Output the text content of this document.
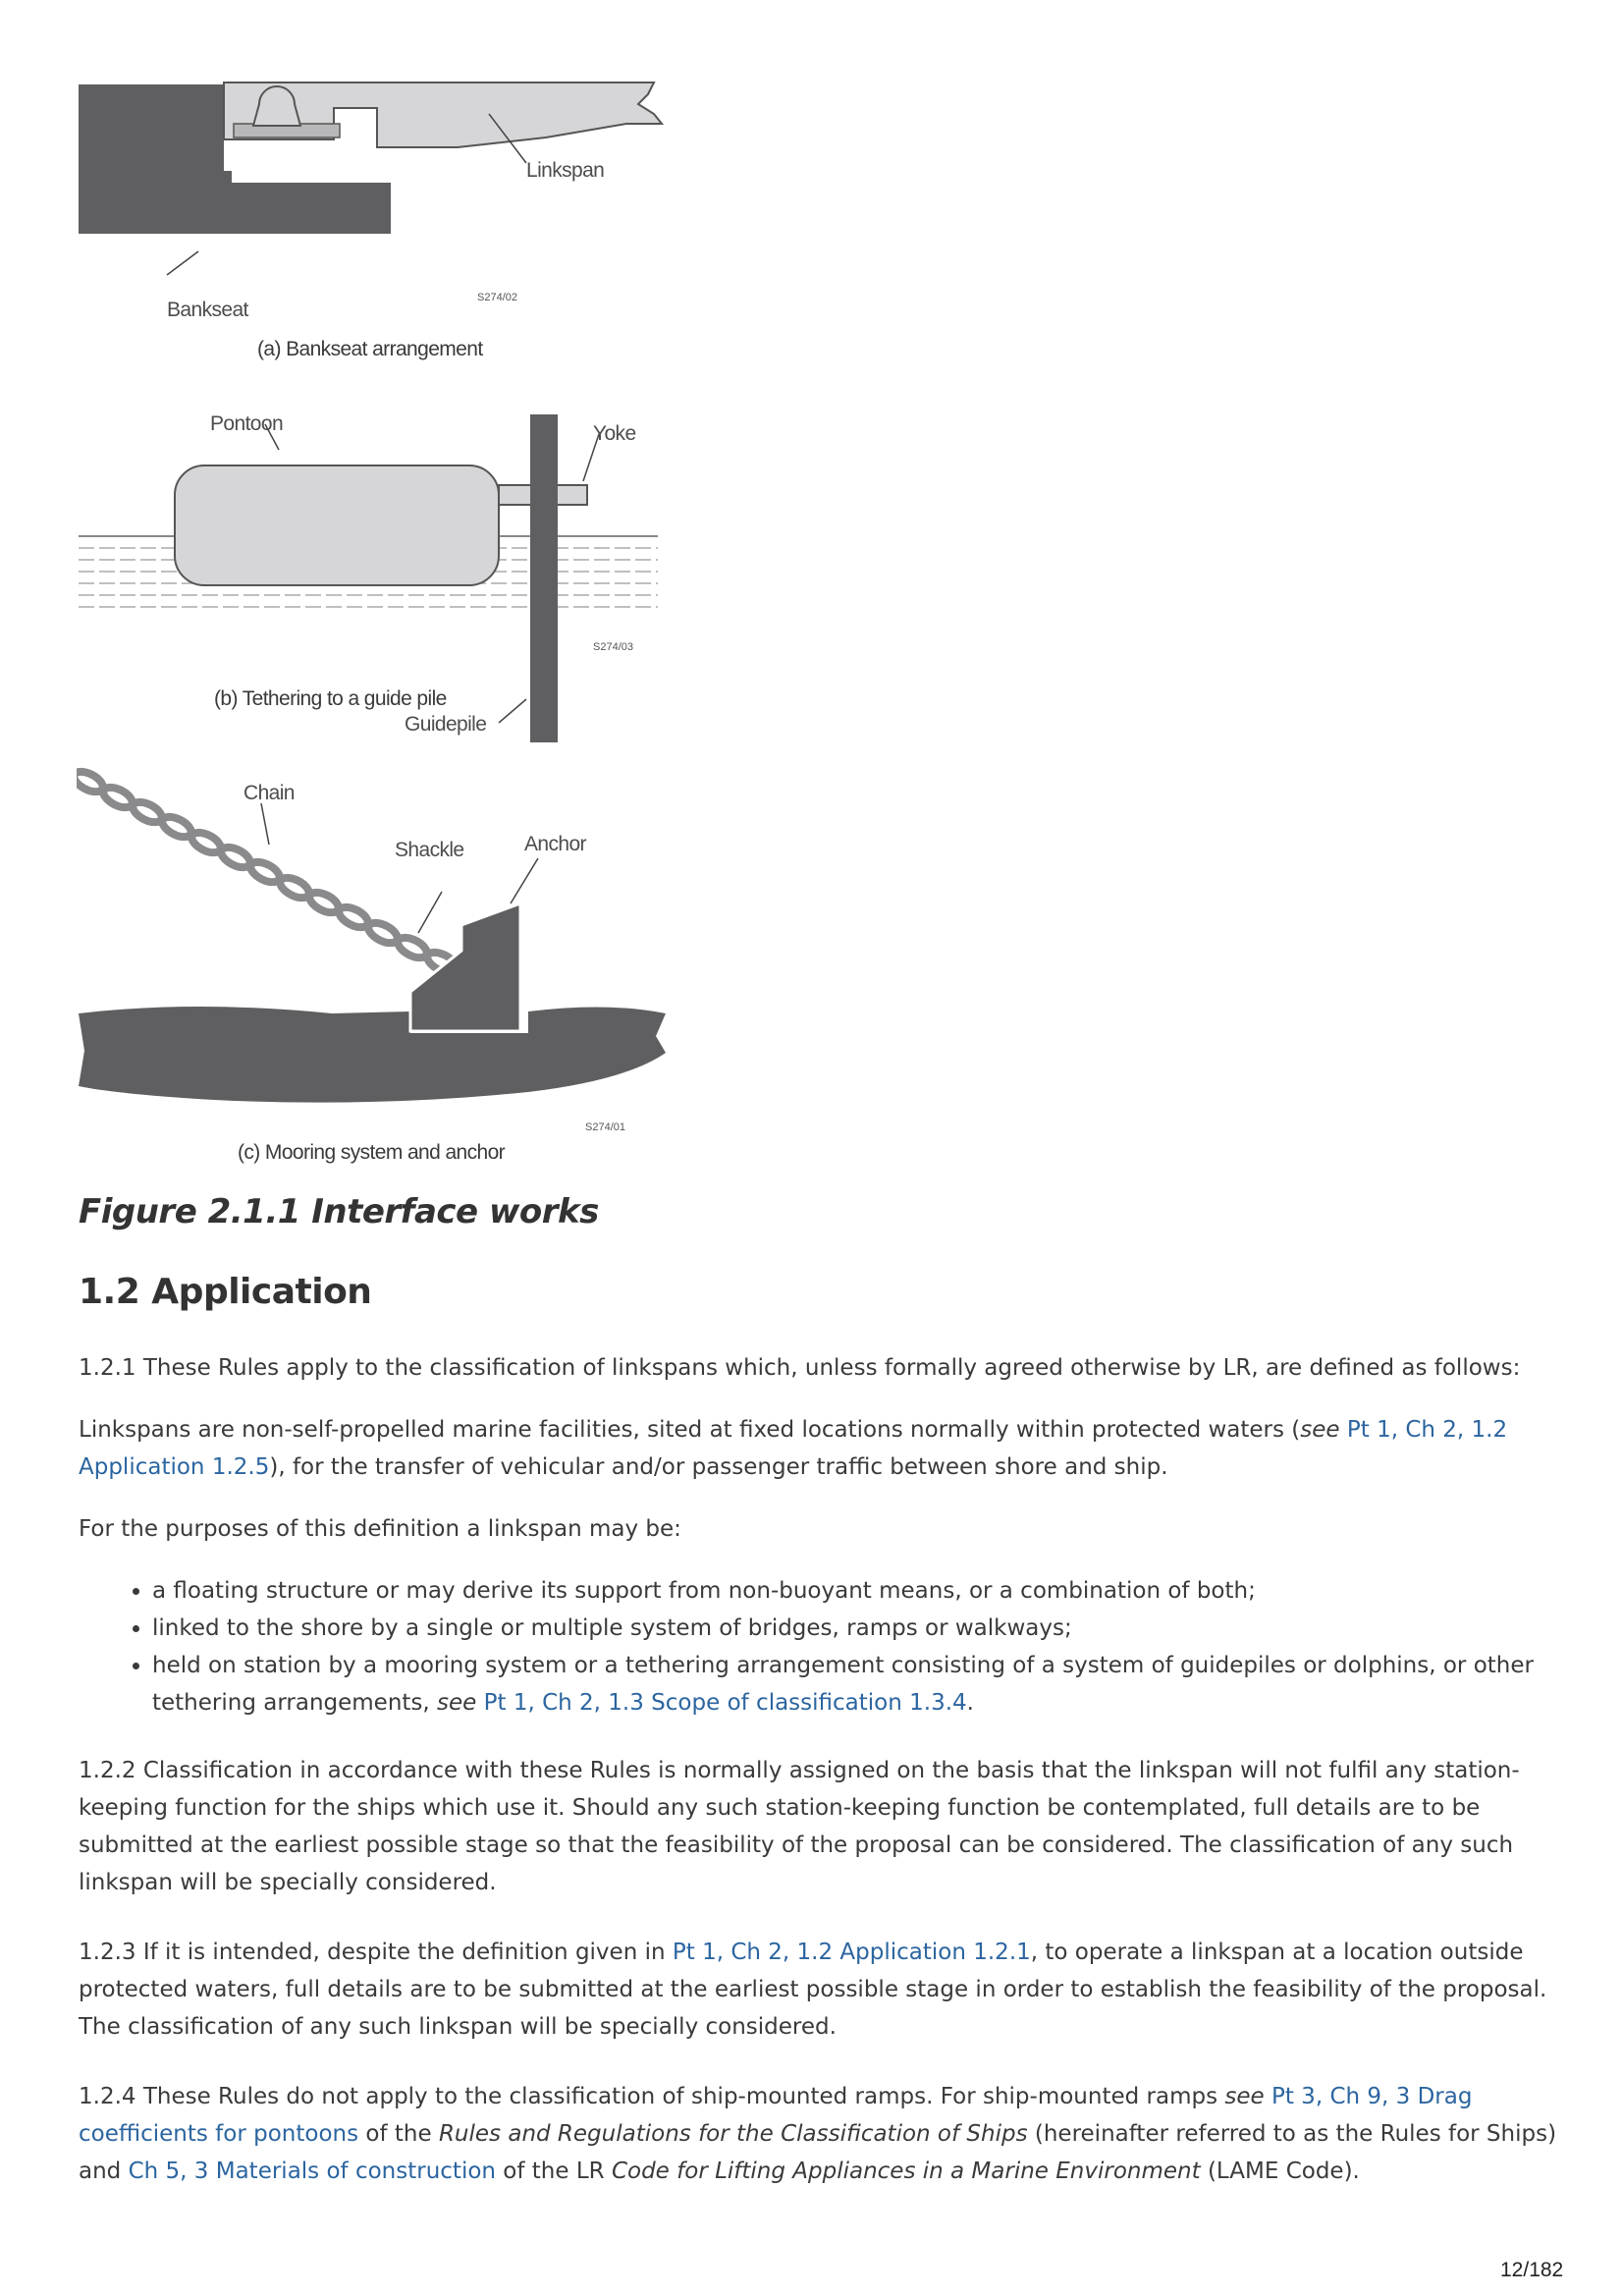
Linkspan
Bankseat
S274/02
(a) Bankseat arrangement
Pontoon	Yoke
Guidepile
S274/03
(b) Tethering to a guide pile
Chain
Shackle	Anchor
S274/01
(c) Mooring system and anchor
Figure 2.1.1 Interface works
1.2 Application

1.2.1 These Rules apply to the classification of linkspans which, unless formally agreed otherwise by LR, are defined as follows:

Linkspans are non-self-propelled marine facilities, sited at fixed locations normally within protected waters (see Pt 1, Ch 2, 1.2 Application 1.2.5), for the transfer of vehicular and/or passenger traffic between shore and ship.

For the purposes of this definition a linkspan may be:

• a floating structure or may derive its support from non-buoyant means, or a combination of both;
• linked to the shore by a single or multiple system of bridges, ramps or walkways;
• held on station by a mooring system or a tethering arrangement consisting of a system of guidepiles or dolphins, or other tethering arrangements, see Pt 1, Ch 2, 1.3 Scope of classification 1.3.4.

1.2.2 Classification in accordance with these Rules is normally assigned on the basis that the linkspan will not fulfil any station-keeping function for the ships which use it. Should any such station-keeping function be contemplated, full details are to be submitted at the earliest possible stage so that the feasibility of the proposal can be considered. The classification of any such linkspan will be specially considered.

1.2.3 If it is intended, despite the definition given in Pt 1, Ch 2, 1.2 Application 1.2.1, to operate a linkspan at a location outside protected waters, full details are to be submitted at the earliest possible stage in order to establish the feasibility of the proposal. The classification of any such linkspan will be specially considered.

1.2.4 These Rules do not apply to the classification of ship-mounted ramps. For ship-mounted ramps see Pt 3, Ch 9, 3 Drag coefficients for pontoons of the Rules and Regulations for the Classification of Ships (hereinafter referred to as the Rules for Ships) and Ch 5, 3 Materials of construction of the LR Code for Lifting Appliances in a Marine Environment (LAME Code).

12/182
